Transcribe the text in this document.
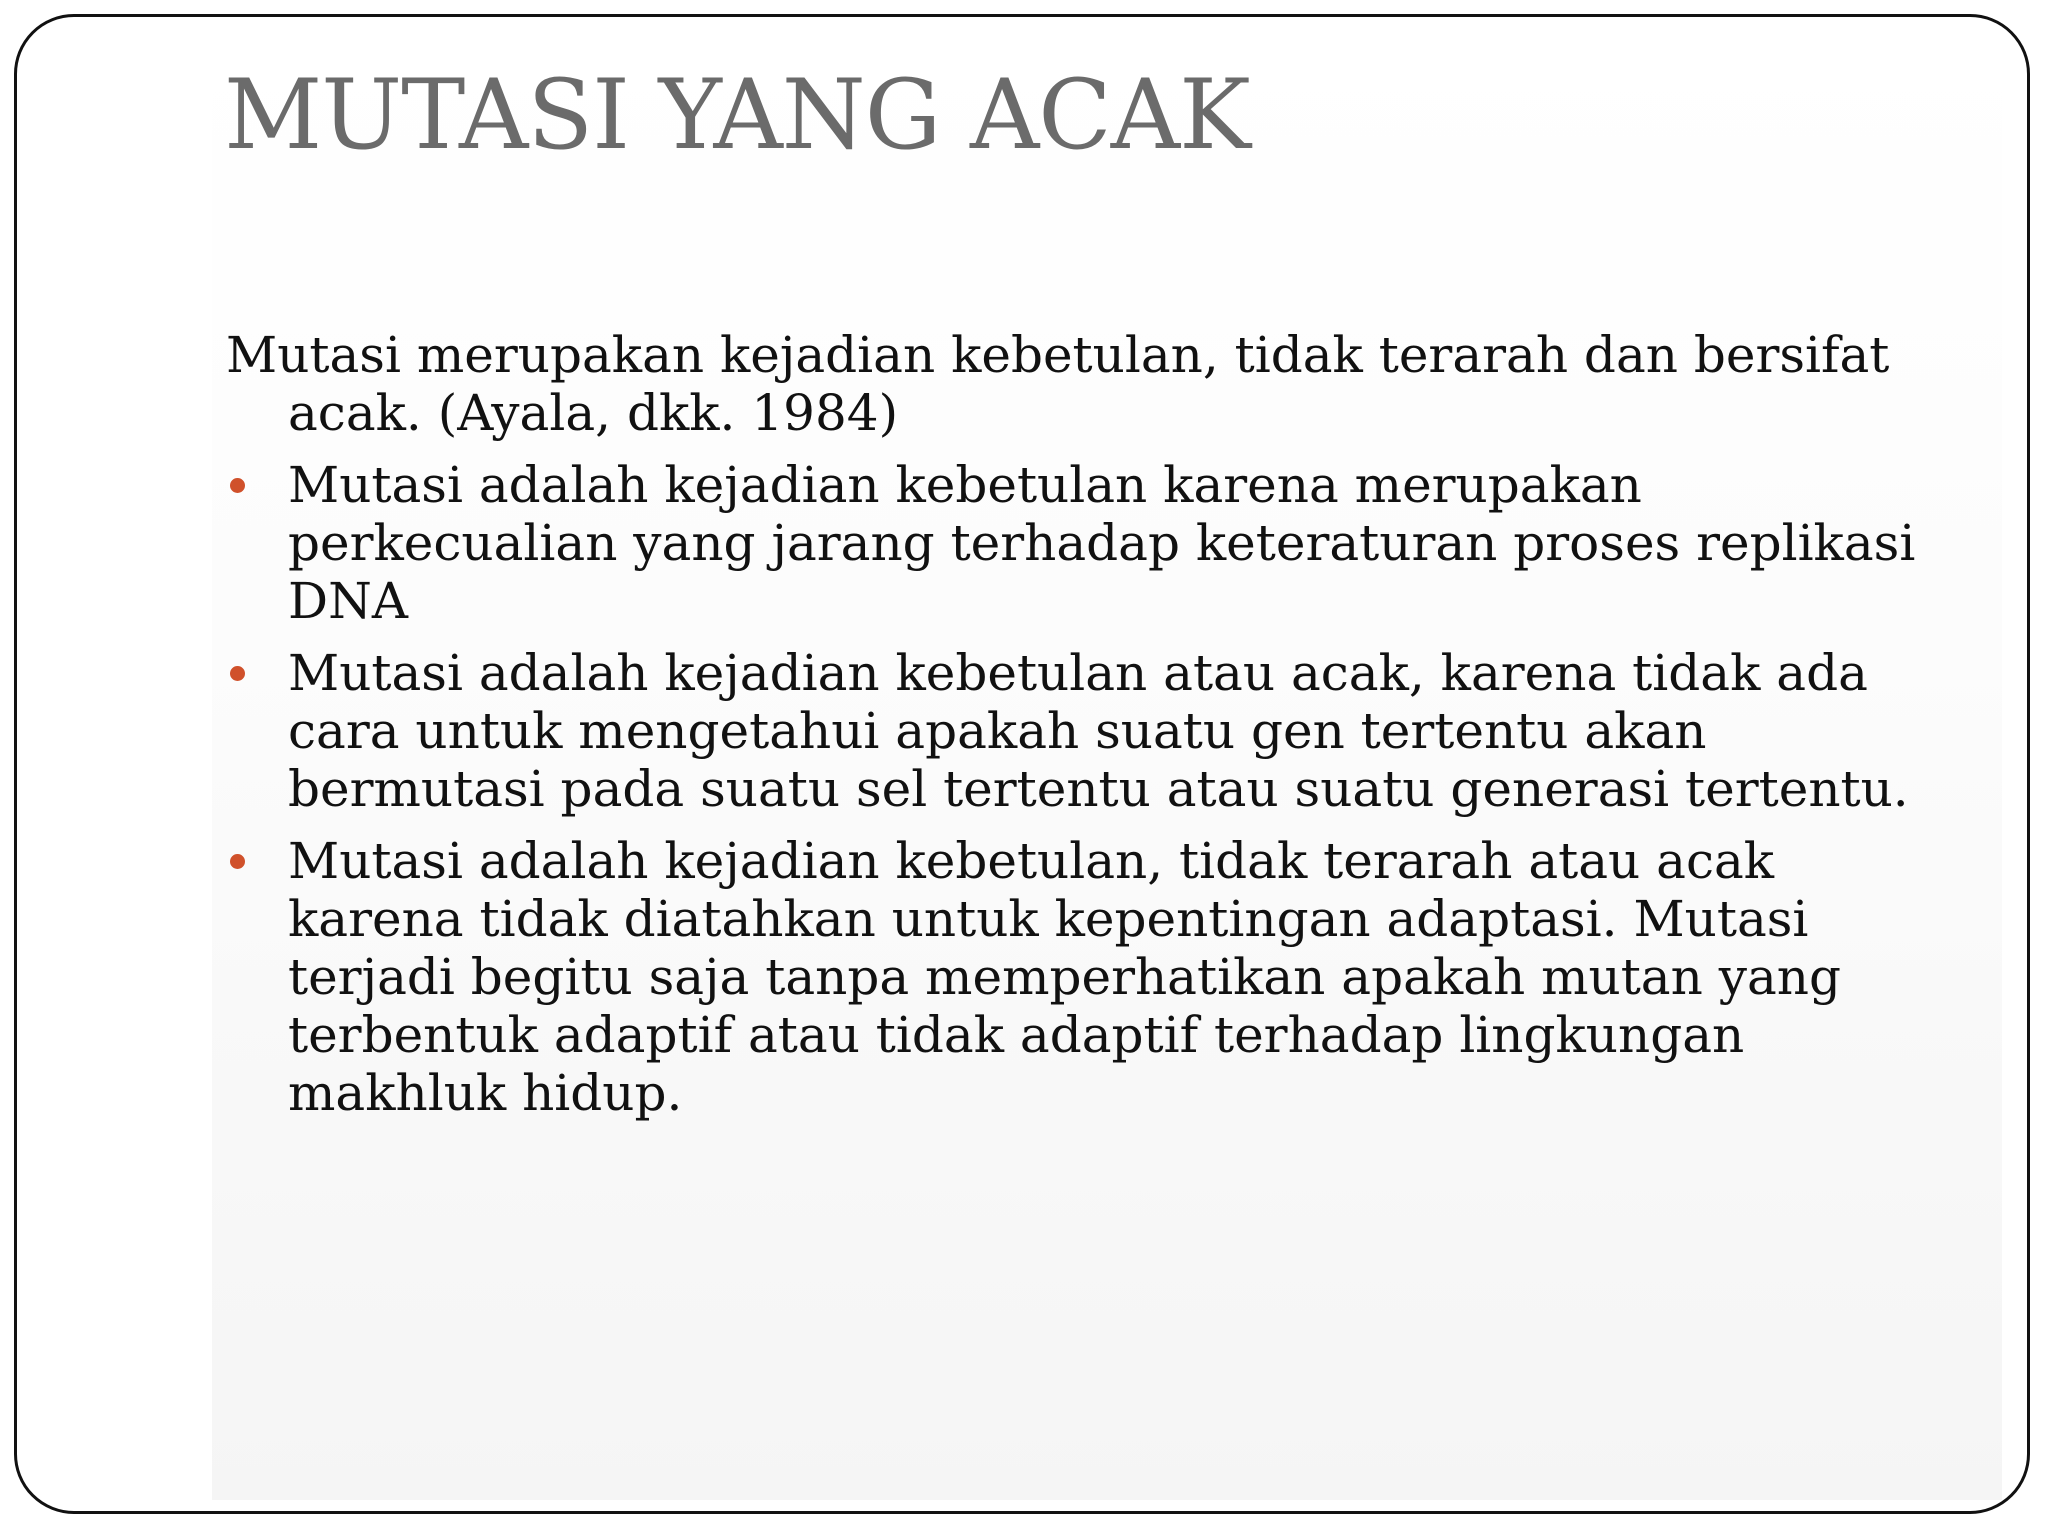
MUTASI YANG ACAK

Mutasi merupakan kejadian kebetulan, tidak terarah dan bersifat acak. (Ayala, dkk. 1984)

Mutasi adalah kejadian kebetulan karena merupakan perkecualian yang jarang terhadap keteraturan proses replikasi DNA
Mutasi adalah kejadian kebetulan atau acak, karena tidak ada cara untuk mengetahui apakah suatu gen tertentu akan bermutasi pada suatu sel tertentu atau suatu generasi tertentu.
Mutasi adalah kejadian kebetulan, tidak terarah atau acak karena tidak diatahkan untuk kepentingan adaptasi. Mutasi terjadi begitu saja tanpa memperhatikan apakah mutan yang terbentuk adaptif atau tidak adaptif terhadap lingkungan makhluk hidup.
